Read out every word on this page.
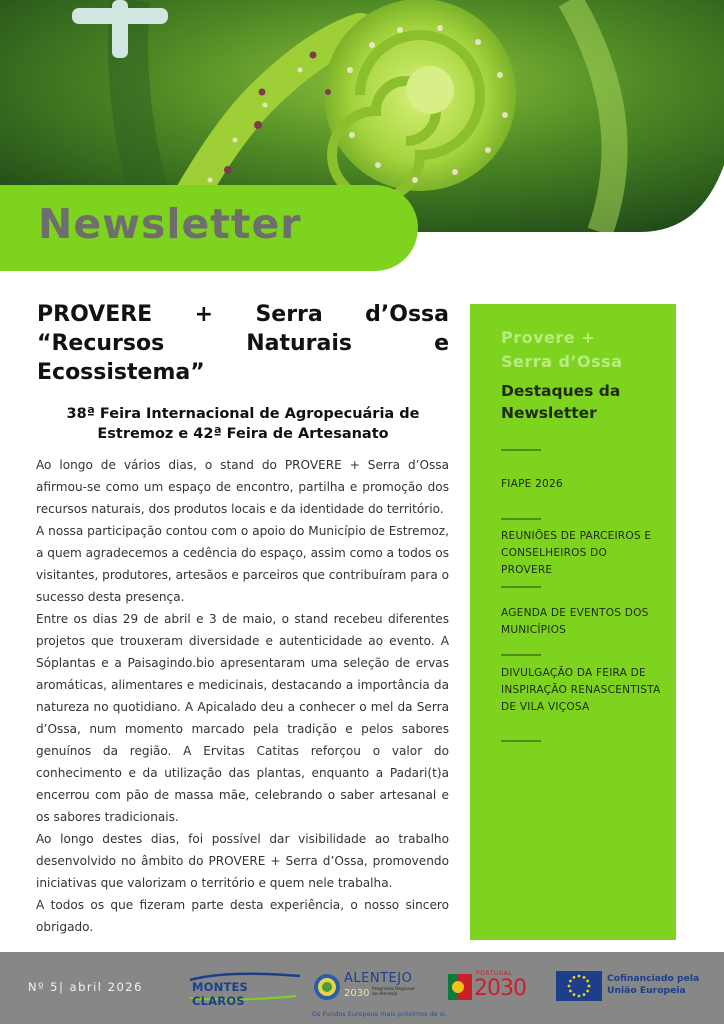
Newsletter
PROVERE + Serra d’Ossa
“Recursos Naturais e

Ecossistema”
38ª Feira Internacional de Agropecuária de
Estremoz e 42ª Feira de Artesanato

Ao longo de vários dias, o stand do PROVERE + Serra d’Ossa afirmou-se como um espaço de encontro, partilha e promoção dos recursos naturais, dos produtos locais e da identidade do território.

A nossa participação contou com o apoio do Município de Estremoz, a quem agradecemos a cedência do espaço, assim como a todos os visitantes, produtores, artesãos e parceiros que contribuíram para o sucesso desta presença.

Entre os dias 29 de abril e 3 de maio, o stand recebeu diferentes projetos que trouxeram diversidade e autenticidade ao evento. A Sóplantas e a Paisagindo.bio apresentaram uma seleção de ervas aromáticas, alimentares e medicinais, destacando a importância da natureza no quotidiano. A Apicalado deu a conhecer o mel da Serra d’Ossa, num momento marcado pela tradição e pelos sabores genuínos da região. A Ervitas Catitas reforçou o valor do conhecimento e da utilização das plantas, enquanto a Padari(t)a encerrou com pão de massa mãe, celebrando o saber artesanal e os sabores tradicionais.

Ao longo destes dias, foi possível dar visibilidade ao trabalho desenvolvido no âmbito do PROVERE + Serra d’Ossa, promovendo iniciativas que valorizam o território e quem nele trabalha.

A todos os que fizeram parte desta experiência, o nosso sincero obrigado.

Provere +
Serra d’Ossa

Destaques da
Newsletter

FIAPE 2026

REUNIÕES DE PARCEIROS E CONSELHEIROS DO PROVERE

AGENDA DE EVENTOS DOS MUNICÍPIOS

DIVULGAÇÃO DA FEIRA DE INSPIRAÇÃO RENASCENTISTA DE VILA VIÇOSA

Nº 5| abril 2026	MONTES CLAROS
ALENTEJO
2030 Programa Regional
do Alentejo
Os Fundos Europeus mais próximos de si.
PORTUGAL
2030	Cofinanciado pela
União Europeia
